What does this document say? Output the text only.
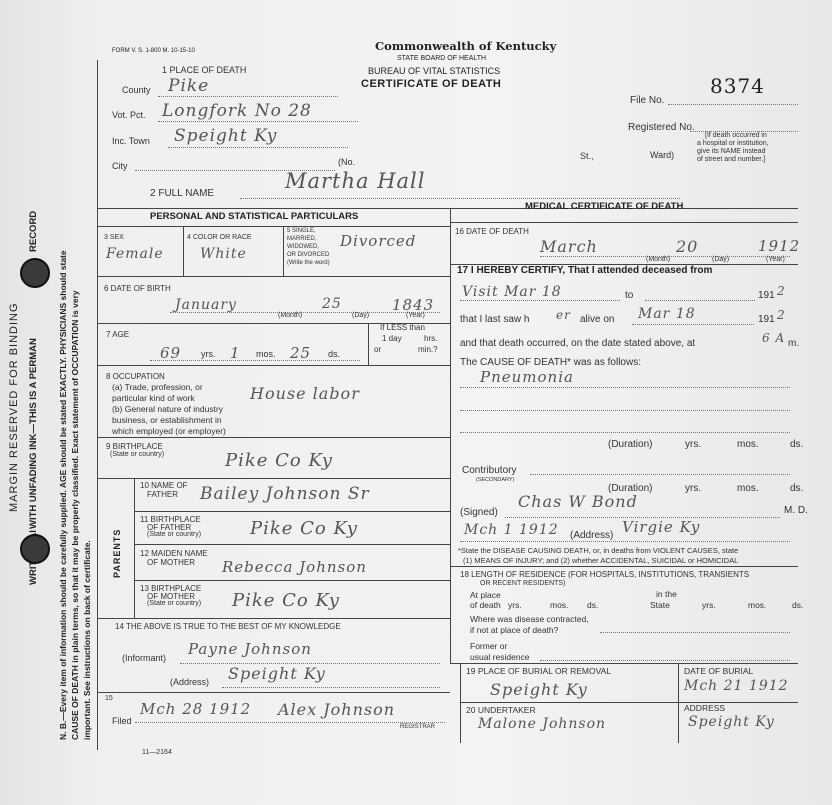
MARGIN RESERVED FOR BINDING WITH UNFADING INK—THIS IS A PERMAN
RECORD
N. B.—Every item of information should be carefully supplied. AGE should be stated EXACTLY. PHYSICIANS should state CAUSE OF DEATH in plain terms, so that it may be properly classified. Exact statement of OCCUPATION is very important. See instructions on back of certificate.
FORM V. S. 1-800 M. 10-15-10	Commonwealth of Kentucky
STATE BOARD OF HEALTH
BUREAU OF VITAL STATISTICS
CERTIFICATE OF DEATH
File No.
8374
Registered No.
[If death occurred in
a hospital or institution,
give its NAME instead
of street and number.]
1 PLACE OF DEATH
County Pike
Vot. Pct. Longfork No 28
Inc. Town Speight Ky
City	(No.
St.,	Ward)
2 FULL NAME
Martha Hall
PERSONAL AND STATISTICAL PARTICULARS
MEDICAL CERTIFICATE OF DEATH
3 SEX
Female
4 COLOR OR RACE
White
5 SINGLE,
MARRIED,
WIDOWED,
OR DIVORCED
(Write the word)
Divorced
6 DATE OF BIRTH
January	25	1843
(Month)	(Day)	(Year)
7 AGE
69 yrs. 1 mos. 25 ds.
If LESS than
1 day	hrs.
or	min.?
8 OCCUPATION
(a) Trade, profession, or
particular kind of work
(b) General nature of industry
business, or establishment in
which employed (or employer)
House labor
9 BIRTHPLACE
(State or country)	Pike Co Ky
PARENTS
10 NAME OF
FATHER Bailey Johnson Sr
11 BIRTHPLACE
OF FATHER
(State or country)	Pike Co Ky
12 MAIDEN NAME
OF MOTHER Rebecca Johnson
13 BIRTHPLACE
OF MOTHER
(State or country) Pike Co Ky
14 THE ABOVE IS TRUE TO THE BEST OF MY KNOWLEDGE
(Informant) Payne Johnson
(Address) Speight Ky
15
Filed
Mch 28 1912 Alex Johnson
REGISTRAR
11—2164
16 DATE OF DEATH
March	20	1912
(Month)	(Day)	(Year)
17 I HEREBY CERTIFY, That I attended deceased from
Visit Mar 18	to	191 2
that I last saw h er alive on Mar 18	191 2
and that death occurred, on the date stated above, at	6 A m.
The CAUSE OF DEATH* was as follows:
Pneumonia
(Duration)	yrs.	mos.	ds.
Contributory
(SECONDARY)
(Duration)	yrs.	mos.	ds.
(Signed)
Chas W Bond	M. D.
Mch 1 1912 (Address) Virgie Ky
*State the DISEASE CAUSING DEATH, or, in deaths from VIOLENT CAUSES, state
(1) MEANS OF INJURY; and (2) whether ACCIDENTAL, SUICIDAL or HOMICIDAL
18 LENGTH OF RESIDENCE (FOR HOSPITALS, INSTITUTIONS, TRANSIENTS
OR RECENT RESIDENTS)
At place
of death yrs.	mos. ds.
in the
State	yrs.	mos.	ds.
Where was disease contracted,
if not at place of death?
Former or
usual residence
19 PLACE OF BURIAL OR REMOVAL
Speight Ky
DATE OF BURIAL
Mch 21 1912
20 UNDERTAKER
Malone Johnson
ADDRESS
Speight Ky
